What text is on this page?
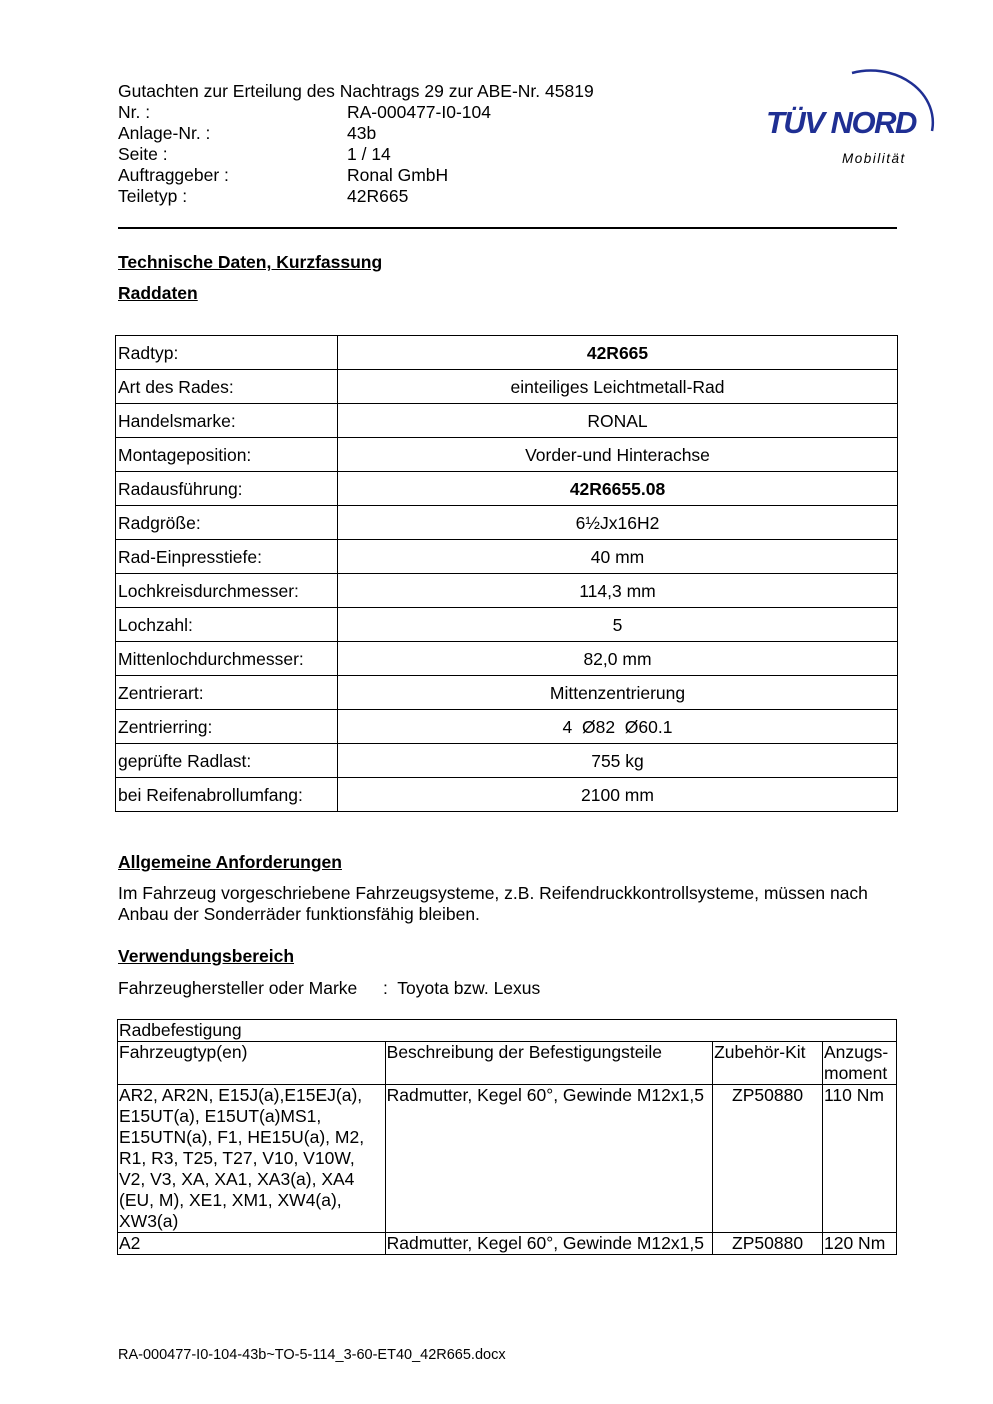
Gutachten zur Erteilung des Nachtrags 29 zur ABE-Nr. 45819
Nr. :	RA-000477-I0-104
Anlage-Nr. :	43b
Seite :	1 / 14
Auftraggeber :	Ronal GmbH
Teiletyp :	42R665
TÜV NORD
Mobilität
Technische Daten, Kurzfassung
Raddaten
Radtyp:	42R665
Art des Rades:	einteiliges Leichtmetall-Rad
Handelsmarke:	RONAL
Montageposition:	Vorder-und Hinterachse
Radausführung:	42R6655.08
Radgröße:	6½Jx16H2
Rad-Einpresstiefe:	40 mm
Lochkreisdurchmesser:	114,3 mm
Lochzahl:	5
Mittenlochdurchmesser:	82,0 mm
Zentrierart:	Mittenzentrierung
Zentrierring:	4  Ø82  Ø60.1
geprüfte Radlast:	755 kg
bei Reifenabrollumfang:	2100 mm
Allgemeine Anforderungen
Im Fahrzeug vorgeschriebene Fahrzeugsysteme, z.B. Reifendruckkontrollsysteme, müssen nach Anbau der Sonderräder funktionsfähig bleiben.
Verwendungsbereich
Fahrzeughersteller oder Marke :  Toyota bzw. Lexus
Radbefestigung			
Fahrzeugtyp(en)	Beschreibung der Befestigungsteile	Zubehör-Kit	Anzugs-moment
AR2, AR2N, E15J(a),E15EJ(a), E15UT(a), E15UT(a)MS1, E15UTN(a), F1, HE15U(a), M2, R1, R3, T25, T27, V10, V10W, V2, V3, XA, XA1, XA3(a), XA4 (EU, M), XE1, XM1, XW4(a), XW3(a)	Radmutter, Kegel 60°, Gewinde M12x1,5	ZP50880	110 Nm
A2	Radmutter, Kegel 60°, Gewinde M12x1,5	ZP50880	120 Nm
RA-000477-I0-104-43b~TO-5-114_3-60-ET40_42R665.docx
